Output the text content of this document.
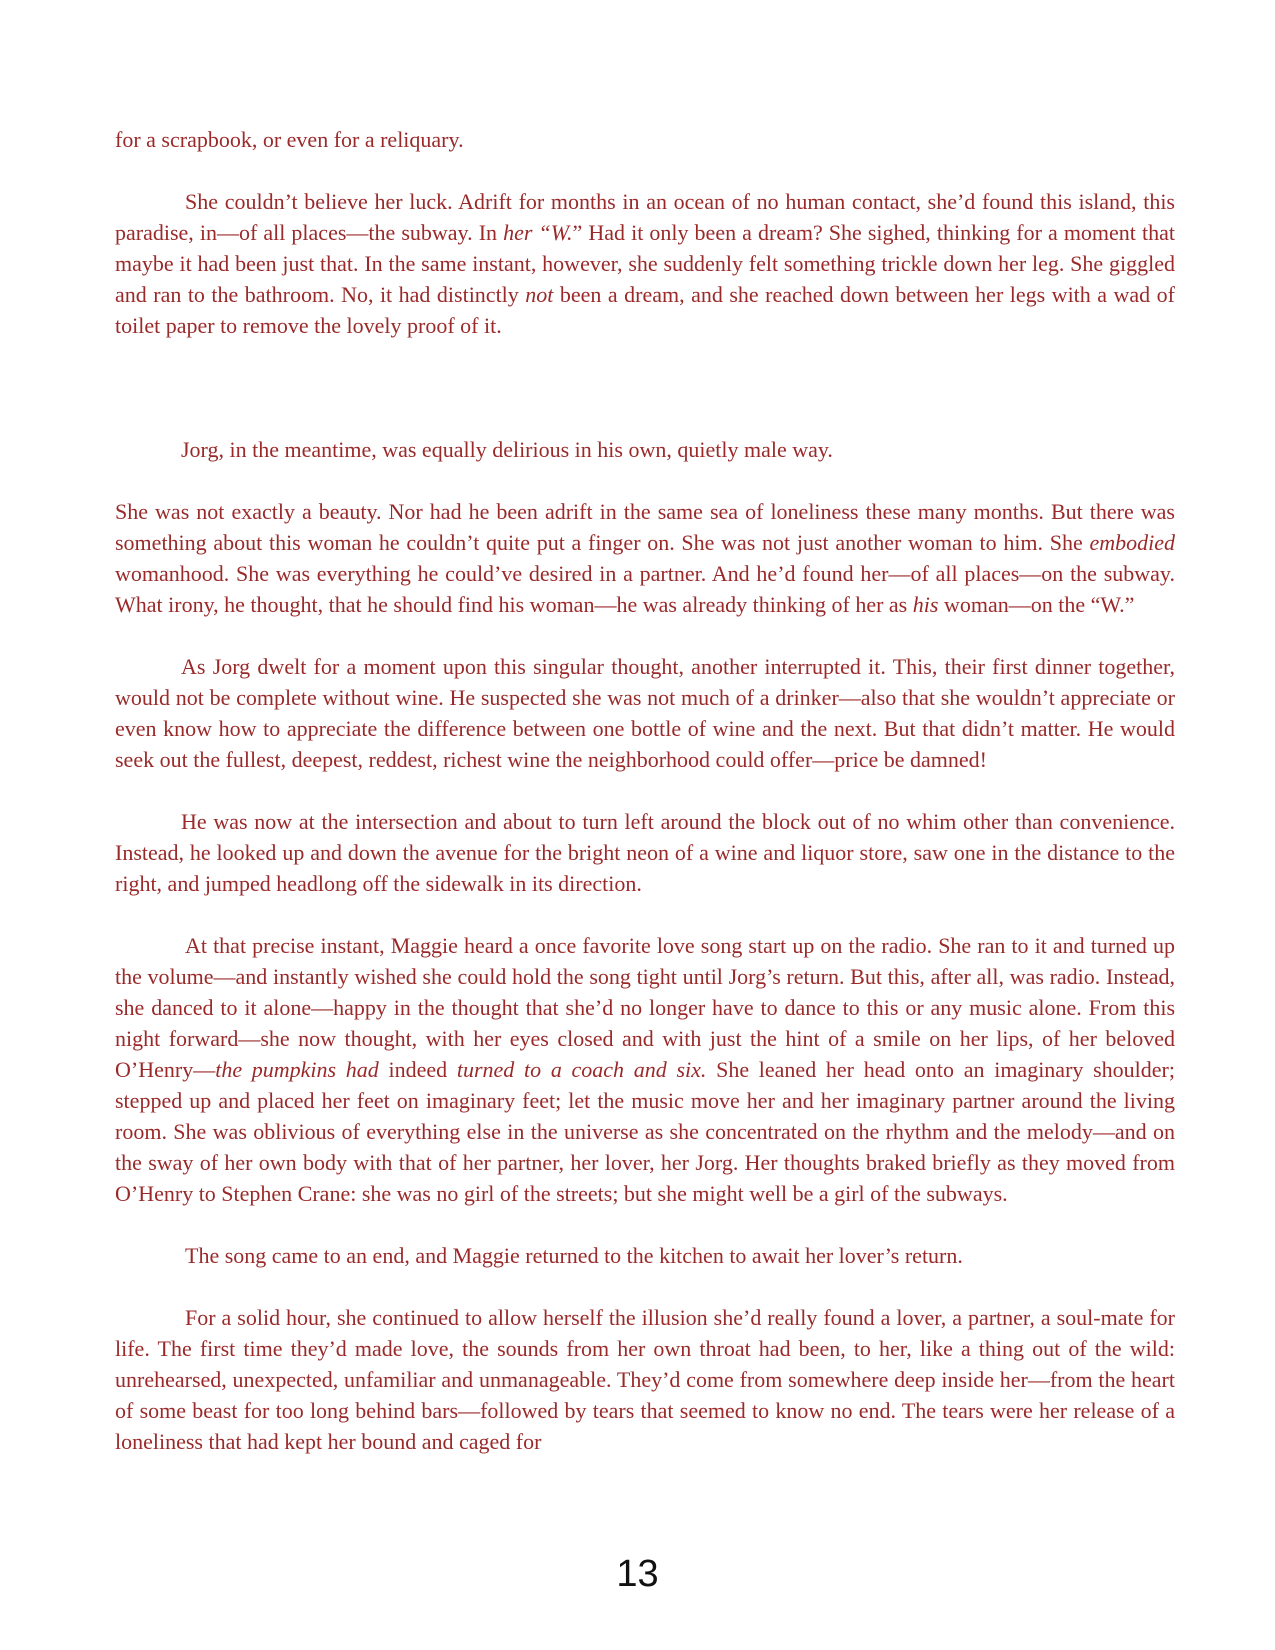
for a scrapbook, or even for a reliquary.

She couldn’t believe her luck. Adrift for months in an ocean of no human contact, she’d found this island, this paradise, in—of all places—the subway. In her “W.” Had it only been a dream? She sighed, thinking for a moment that maybe it had been just that. In the same instant, however, she suddenly felt something trickle down her leg. She giggled and ran to the bathroom. No, it had distinctly not been a dream, and she reached down between her legs with a wad of toilet paper to remove the lovely proof of it.

Jorg, in the meantime, was equally delirious in his own, quietly male way.

She was not exactly a beauty. Nor had he been adrift in the same sea of loneliness these many months. But there was something about this woman he couldn’t quite put a finger on. She was not just another woman to him. She embodied womanhood. She was everything he could’ve desired in a partner. And he’d found her—of all places—on the subway. What irony, he thought, that he should find his woman—he was already thinking of her as his woman—on the “W.”

As Jorg dwelt for a moment upon this singular thought, another interrupted it. This, their first dinner together, would not be complete without wine. He suspected she was not much of a drinker—also that she wouldn’t appreciate or even know how to appreciate the difference between one bottle of wine and the next. But that didn’t matter. He would seek out the fullest, deepest, reddest, richest wine the neighborhood could offer—price be damned!

He was now at the intersection and about to turn left around the block out of no whim other than convenience. Instead, he looked up and down the avenue for the bright neon of a wine and liquor store, saw one in the distance to the right, and jumped headlong off the sidewalk in its direction.

At that precise instant, Maggie heard a once favorite love song start up on the radio. She ran to it and turned up the volume—and instantly wished she could hold the song tight until Jorg’s return. But this, after all, was radio. Instead, she danced to it alone—happy in the thought that she’d no longer have to dance to this or any music alone. From this night forward—she now thought, with her eyes closed and with just the hint of a smile on her lips, of her beloved O’Henry—the pumpkins had indeed turned to a coach and six. She leaned her head onto an imaginary shoulder; stepped up and placed her feet on imaginary feet; let the music move her and her imaginary partner around the living room. She was oblivious of everything else in the universe as she concentrated on the rhythm and the melody—and on the sway of her own body with that of her partner, her lover, her Jorg. Her thoughts braked briefly as they moved from O’Henry to Stephen Crane: she was no girl of the streets; but she might well be a girl of the subways.

The song came to an end, and Maggie returned to the kitchen to await her lover’s return.

For a solid hour, she continued to allow herself the illusion she’d really found a lover, a partner, a soul-mate for life. The first time they’d made love, the sounds from her own throat had been, to her, like a thing out of the wild: unrehearsed, unexpected, unfamiliar and unmanageable. They’d come from somewhere deep inside her—from the heart of some beast for too long behind bars—followed by tears that seemed to know no end. The tears were her release of a loneliness that had kept her bound and caged for

13
